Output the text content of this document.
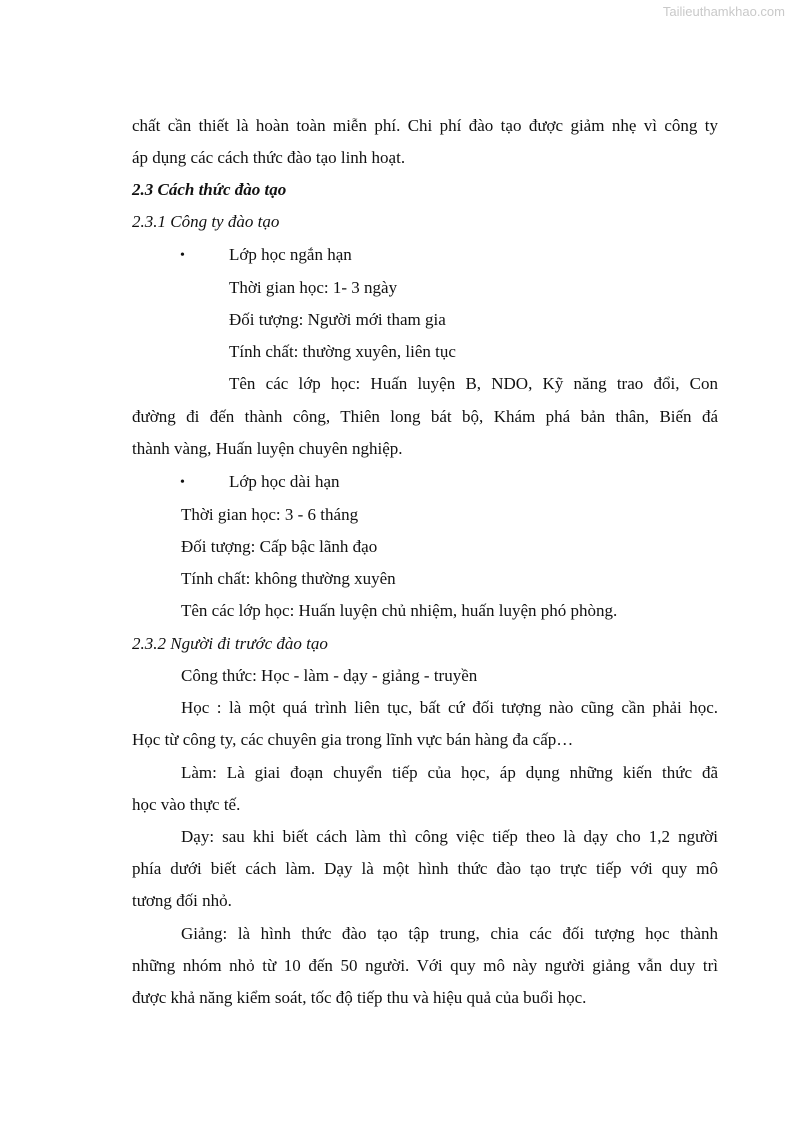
Tailieuthamkhao.com
chất cần thiết là hoàn toàn miễn phí. Chi phí đào tạo được giảm nhẹ vì công ty
áp dụng các cách thức đào tạo linh hoạt.
2.3 Cách thức đào tạo
2.3.1 Công ty đào tạo
•	Lớp học ngắn hạn
Thời gian học: 1- 3 ngày
Đối tượng: Người mới tham gia
Tính chất: thường xuyên, liên tục
Tên các lớp học: Huấn luyện B, NDO, Kỹ năng trao đổi, Con
đường đi đến thành công, Thiên long bát bộ, Khám phá bản thân, Biến đá
thành vàng, Huấn luyện chuyên nghiệp.
•	Lớp học dài hạn
Thời gian học: 3 - 6 tháng
Đối tượng: Cấp bậc lãnh đạo
Tính chất: không thường xuyên
Tên các lớp học: Huấn luyện chủ nhiệm, huấn luyện phó phòng.
2.3.2 Người đi trước đào tạo
Công thức: Học - làm - dạy - giảng - truyền
Học : là một quá trình liên tục, bất cứ đối tượng nào cũng cần phải học.
Học từ công ty, các chuyên gia trong lĩnh vực bán hàng đa cấp…
Làm: Là giai đoạn chuyển tiếp của học, áp dụng những kiến thức đã
học vào thực tế.
Dạy: sau khi biết cách làm thì công việc tiếp theo là dạy cho 1,2 người
phía dưới biết cách làm. Dạy là một hình thức đào tạo trực tiếp với quy mô
tương đối nhỏ.
Giảng: là hình thức đào tạo tập trung, chia các đối tượng học thành
những nhóm nhỏ từ 10 đến 50 người. Với quy mô này người giảng vẫn duy trì
được khả năng kiểm soát, tốc độ tiếp thu và hiệu quả của buổi học.
